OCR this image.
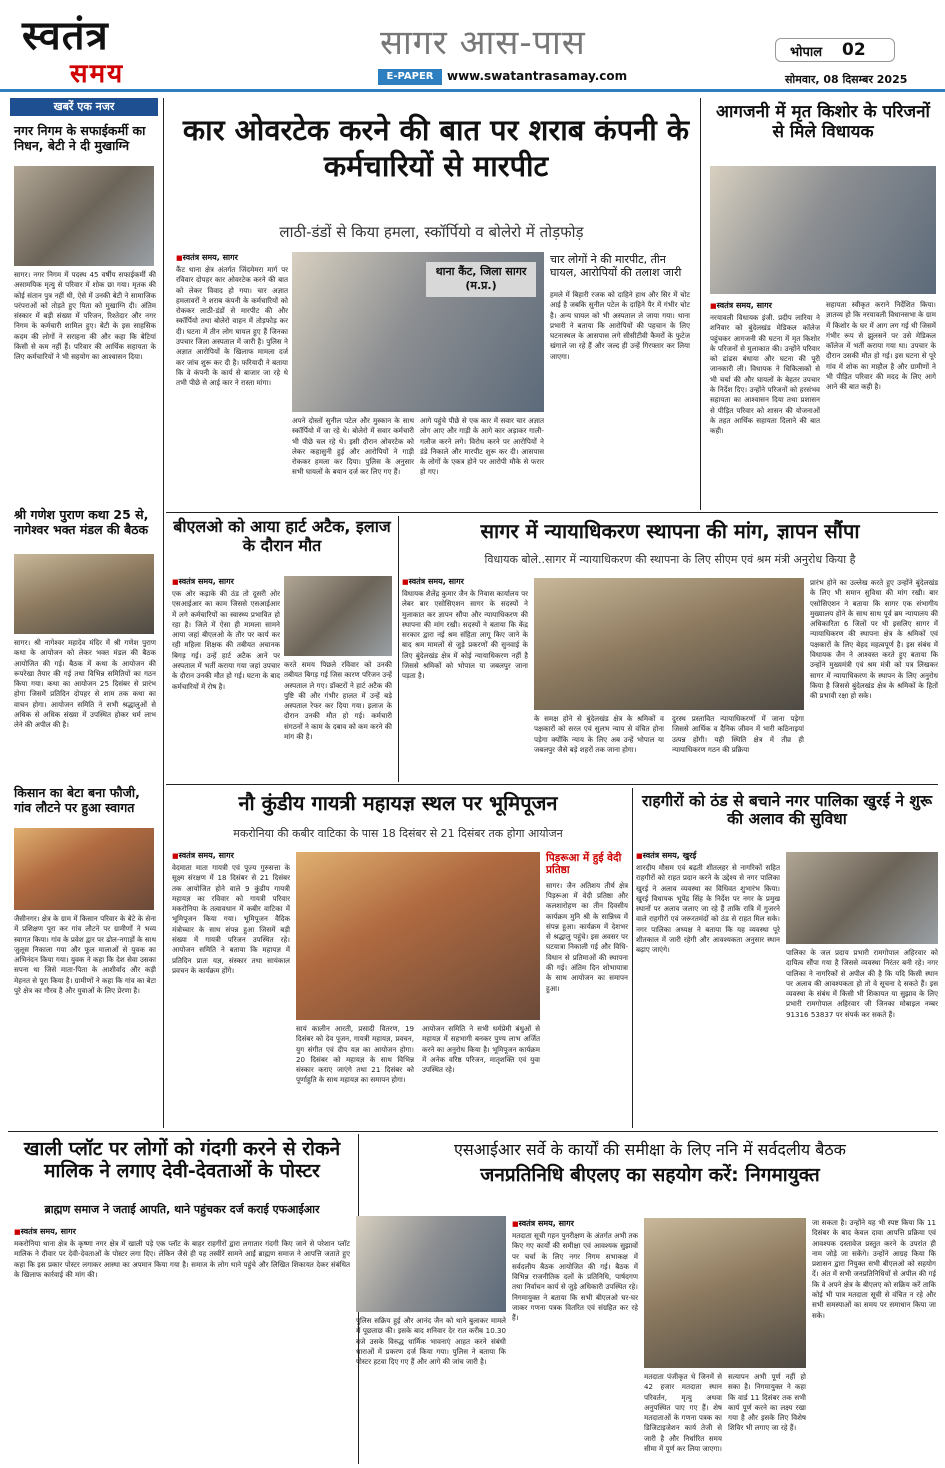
स्वतंत्र
समय
सागर आस-पास
E-PAPER	www.swatantrasamay.com
भोपाल 02
सोमवार, 08 दिसम्बर 2025
खबरें एक नजर
नगर निगम के सफाईकर्मी का निधन, बेटी ने दी मुखाग्नि
सागर। नगर निगम में पदस्थ 45 वर्षीय सफाईकर्मी की असामयिक मृत्यु से परिवार में शोक छा गया। मृतक की कोई संतान पुत्र नहीं थी, ऐसे में उनकी बेटी ने सामाजिक परंपराओं को तोड़ते हुए पिता को मुखाग्नि दी। अंतिम संस्कार में बड़ी संख्या में परिजन, रिश्तेदार और नगर निगम के कर्मचारी शामिल हुए। बेटी के इस साहसिक कदम की लोगों ने सराहना की और कहा कि बेटियां किसी से कम नहीं हैं। परिवार की आर्थिक सहायता के लिए कर्मचारियों ने भी सहयोग का आश्वासन दिया।
श्री गणेश पुराण कथा 25 से, नागेश्वर भक्त मंडल की बैठक
सागर। श्री नागेश्वर महादेव मंदिर में श्री गणेश पुराण कथा के आयोजन को लेकर भक्त मंडल की बैठक आयोजित की गई। बैठक में कथा के आयोजन की रूपरेखा तैयार की गई तथा विभिन्न समितियों का गठन किया गया। कथा का आयोजन 25 दिसंबर से प्रारंभ होगा जिसमें प्रतिदिन दोपहर से शाम तक कथा का वाचन होगा। आयोजन समिति ने सभी श्रद्धालुओं से अधिक से अधिक संख्या में उपस्थित होकर धर्म लाभ लेने की अपील की है।
किसान का बेटा बना फौजी, गांव लौटने पर हुआ स्वागत
जैसीनगर। क्षेत्र के ग्राम में किसान परिवार के बेटे के सेना में प्रशिक्षण पूरा कर गांव लौटने पर ग्रामीणों ने भव्य स्वागत किया। गांव के प्रवेश द्वार पर ढोल-नगाड़ों के साथ जुलूस निकाला गया और फूल मालाओं से युवक का अभिनंदन किया गया। युवक ने कहा कि देश सेवा उसका सपना था जिसे माता-पिता के आशीर्वाद और कड़ी मेहनत से पूरा किया है। ग्रामीणों ने कहा कि गांव का बेटा पूरे क्षेत्र का गौरव है और युवाओं के लिए प्रेरणा है।
कार ओवरटेक करने की बात पर शराब कंपनी के कर्मचारियों से मारपीट
लाठी-डंडों से किया हमला, स्कॉर्पियो व बोलेरो में तोड़फोड़
■ स्वतंत्र समय, सागर
कैंट थाना क्षेत्र अंतर्गत जिंदमेमरा मार्ग पर रविवार दोपहर कार ओवरटेक करने की बात को लेकर विवाद हो गया। चार अज्ञात हमलावरों ने शराब कंपनी के कर्मचारियों को रोककर लाठी-डंडों से मारपीट की और स्कॉर्पियो तथा बोलेरो वाहन में तोड़फोड़ कर दी। घटना में तीन लोग घायल हुए हैं जिनका उपचार जिला अस्पताल में जारी है। पुलिस ने अज्ञात आरोपियों के खिलाफ मामला दर्ज कर जांच शुरू कर दी है। फरियादी ने बताया कि वे कंपनी के कार्य से बाजार जा रहे थे तभी पीछे से आई कार ने रास्ता मांगा।
थाना कैंट, जिला सागर (म.प्र.)
अपने दोस्तों सुनील पटेल और मुस्कान के साथ स्कॉर्पियो में जा रहे थे। बोलेरो में सवार कर्मचारी भी पीछे चल रहे थे। इसी दौरान ओवरटेक को लेकर कहासुनी हुई और आरोपियों ने गाड़ी रोककर हमला कर दिया। पुलिस के अनुसार सभी घायलों के बयान दर्ज कर लिए गए हैं।
आगे पहुंचे पीछे से एक कार में सवार चार अज्ञात लोग आए और गाड़ी के आगे कार अड़ाकर गाली-गलौज करने लगे। विरोध करने पर आरोपियों ने डंडे निकाले और मारपीट शुरू कर दी। आसपास के लोगों के एकत्र होने पर आरोपी मौके से फरार हो गए।
चार लोगों ने की मारपीट, तीन घायल, आरोपियों की तलाश जारी
हमले में बिहारी रजक को दाहिने हाथ और सिर में चोट आई है जबकि सुनील पटेल के दाहिने पैर में गंभीर चोट है। अन्य घायल को भी अस्पताल ले जाया गया। थाना प्रभारी ने बताया कि आरोपियों की पहचान के लिए घटनास्थल के आसपास लगे सीसीटीवी कैमरों के फुटेज खंगाले जा रहे हैं और जल्द ही उन्हें गिरफ्तार कर लिया जाएगा।
आगजनी में मृत किशोर के परिजनों से मिले विधायक
■ स्वतंत्र समय, सागर
नरयावली विधायक इंजी. प्रदीप लारिया ने शनिवार को बुंदेलखंड मेडिकल कॉलेज पहुंचकर आगजनी की घटना में मृत किशोर के परिजनों से मुलाकात की। उन्होंने परिवार को ढांढस बंधाया और घटना की पूरी जानकारी ली। विधायक ने चिकित्सकों से भी चर्चा की और घायलों के बेहतर उपचार के निर्देश दिए। उन्होंने परिजनों को हरसंभव सहायता का आश्वासन दिया तथा प्रशासन से पीड़ित परिवार को शासन की योजनाओं के तहत आर्थिक सहायता दिलाने की बात कही।
सहायता स्वीकृत कराने निर्देशित किया। ज्ञातव्य हो कि नरयावली विधानसभा के ग्राम में किशोर के घर में आग लग गई थी जिसमें गंभीर रूप से झुलसने पर उसे मेडिकल कॉलेज में भर्ती कराया गया था। उपचार के दौरान उसकी मौत हो गई। इस घटना से पूरे गांव में शोक का माहौल है और ग्रामीणों ने भी पीड़ित परिवार की मदद के लिए आगे आने की बात कही है।
बीएलओ को आया हार्ट अटैक, इलाज के दौरान मौत
■ स्वतंत्र समय, सागर
एक ओर कड़ाके की ठंड तो दूसरी ओर एसआईआर का काम जिससे एसआईआर में लगे कर्मचारियों का स्वास्थ्य प्रभावित हो रहा है। जिले में ऐसा ही मामला सामने आया जहां बीएलओ के तौर पर कार्य कर रही महिला शिक्षक की तबीयत अचानक बिगड़ गई। उन्हें हार्ट अटैक आने पर अस्पताल में भर्ती कराया गया जहां उपचार के दौरान उनकी मौत हो गई। घटना के बाद कर्मचारियों में रोष है।
करते समय पिछले रविवार को उनकी तबीयत बिगड़ गई जिस कारण परिजन उन्हें अस्पताल ले गए। डॉक्टरों ने हार्ट अटैक की पुष्टि की और गंभीर हालत में उन्हें बड़े अस्पताल रेफर कर दिया गया। इलाज के दौरान उनकी मौत हो गई। कर्मचारी संगठनों ने काम के दबाव को कम करने की मांग की है।
सागर में न्यायाधिकरण स्थापना की मांग, ज्ञापन सौंपा
विधायक बोले..सागर में न्यायाधिकरण की स्थापना के लिए सीएम एवं श्रम मंत्री अनुरोध किया है
■ स्वतंत्र समय, सागर
विधायक शैलेंद्र कुमार जैन के निवास कार्यालय पर लेबर बार एसोसिएशन सागर के सदस्यों ने मुलाकात कर ज्ञापन सौंपा और न्यायाधिकरण की स्थापना की मांग रखी। सदस्यों ने बताया कि केंद्र सरकार द्वारा नई श्रम संहिता लागू किए जाने के बाद श्रम मामलों से जुड़े प्रकरणों की सुनवाई के लिए बुंदेलखंड क्षेत्र में कोई न्यायाधिकरण नहीं है जिससे श्रमिकों को भोपाल या जबलपुर जाना पड़ता है।
के समक्ष होने से बुंदेलखंड क्षेत्र के श्रमिकों व पक्षकारों को सरल एवं सुलभ न्याय से वंचित होना पड़ेगा क्योंकि न्याय के लिए अब उन्हें भोपाल या जबलपुर जैसे बड़े शहरों तक जाना होगा।
दुरस्थ प्रस्तावित न्यायाधिकरणों में जाना पड़ेगा जिससे आर्थिक व दैनिक जीवन में भारी कठिनाइयां उत्पन्न होंगी। यही स्थिति क्षेत्र में तीव्र ही न्यायाधिकरण गठन की प्रक्रिया
प्रारंभ होने का उल्लेख करते हुए उन्होंने बुंदेलखंड के लिए भी समान सुविधा की मांग रखी। बार एसोसिएशन ने बताया कि सागर एक संभागीय मुख्यालय होने के साथ साथ पूर्व ब्रम न्यायालय की अधिकारिता 6 जिलों पर थी इसलिए सागर में न्यायाधिकरण की स्थापना क्षेत्र के श्रमिकों एवं पक्षकारों के लिए बेहद महत्वपूर्ण है। इस संबंध में विधायक जैन ने आश्वस्त करते हुए बताया कि उन्होंने मुख्यमंत्री एवं श्रम मंत्री को पत्र लिखकर सागर में न्यायाधिकरण के स्थापन के लिए अनुरोध किया है जिससे बुंदेलखंड क्षेत्र के श्रमिकों के हितों की प्रभावी रक्षा हो सके।
नौ कुंडीय गायत्री महायज्ञ स्थल पर भूमिपूजन
मकरोनिया की कबीर वाटिका के पास 18 दिसंबर से 21 दिसंबर तक होगा आयोजन
■ स्वतंत्र समय, सागर
वेदमाता माता गायत्री एवं पूज्य गुरुसत्ता के सूक्ष्म संरक्षण में 18 दिसंबर से 21 दिसंबर तक आयोजित होने वाले 9 कुंडीय गायत्री महायज्ञ का रविवार को गायत्री परिवार मकरोनिया के तत्वावधान में कबीर वाटिका में भूमिपूजन किया गया। भूमिपूजन वैदिक मंत्रोच्चार के साथ संपन्न हुआ जिसमें बड़ी संख्या में गायत्री परिजन उपस्थित रहे। आयोजन समिति ने बताया कि महायज्ञ में प्रतिदिन प्रातः यज्ञ, संस्कार तथा सायंकाल प्रवचन के कार्यक्रम होंगे।
सायं कालीन आरती, प्रसादी वितरण, 19 दिसंबर को देव पूजन, गायत्री महायज्ञ, प्रवचन, युग संगीत एवं दीप यज्ञ का आयोजन होगा। 20 दिसंबर को महायज्ञ के साथ विभिन्न संस्कार कराए जाएंगे तथा 21 दिसंबर को पूर्णाहुति के साथ महायज्ञ का समापन होगा।
आयोजन समिति ने सभी धर्मप्रेमी बंधुओं से महायज्ञ में सहभागी बनकर पुण्य लाभ अर्जित करने का अनुरोध किया है। भूमिपूजन कार्यक्रम में अनेक वरिष्ठ परिजन, मातृशक्ति एवं युवा उपस्थित रहे।
पिड़रूआ में हुई वेदी प्रतिष्ठा
सागर। जैन अतिशय तीर्थ क्षेत्र पिड़रूआ में वेदी प्रतिष्ठा और कलशारोहण का तीन दिवसीय कार्यक्रम मुनि श्री के सान्निध्य में संपन्न हुआ। कार्यक्रम में देशभर से श्रद्धालु पहुंचे। इस अवसर पर घटयात्रा निकाली गई और विधि-विधान से प्रतिमाओं की स्थापना की गई। अंतिम दिन शोभायात्रा के साथ आयोजन का समापन हुआ।
राहगीरों को ठंड से बचाने नगर पालिका खुरई ने शुरू की अलाव की सुविधा
■ स्वतंत्र समय, खुरई
शारदीय मौसम एवं बढ़ती शीतलहर से नागरिकों सहित राहगीरों को राहत प्रदान करने के उद्देश्य से नगर पालिका खुरई ने अलाव व्यवस्था का विधिवत शुभारंभ किया। खुरई विधायक भूपेंद्र सिंह के निर्देश पर नगर के प्रमुख स्थानों पर अलाव जलाए जा रहे हैं ताकि रात्रि में गुजरने वाले राहगीरों एवं जरूरतमंदों को ठंड से राहत मिल सके। नगर पालिका अध्यक्ष ने बताया कि यह व्यवस्था पूरे शीतकाल में जारी रहेगी और आवश्यकता अनुसार स्थान बढ़ाए जाएंगे।	पालिका के जल प्रदाय प्रभारी रामगोपाल अहिरवार को दायित्व सौंपा गया है जिससे व्यवस्था निरंतर बनी रहे। नगर पालिका ने नागरिकों से अपील की है कि यदि किसी स्थान पर अलाव की आवश्यकता हो तो वे सूचना दे सकते हैं। इस व्यवस्था के संबंध में किसी भी शिकायत या सुझाव के लिए प्रभारी रामगोपाल अहिरवार जी जिनका मोबाइल नम्बर 91316 53837 पर संपर्क कर सकते हैं।
खाली प्लॉट पर लोगों को गंदगी करने से रोकने मालिक ने लगाए देवी-देवताओं के पोस्टर
ब्राह्मण समाज ने जताई आपति, थाने पहुंचकर दर्ज कराई एफआईआर
■ स्वतंत्र समय, सागर
मकरोनिया थाना क्षेत्र के कृष्णा नगर क्षेत्र में खाली पड़े एक प्लॉट के बाहर राहगीरों द्वारा लगातार गंदगी किए जाने से परेशान प्लॉट मालिक ने दीवार पर देवी-देवताओं के पोस्टर लगा दिए। लेकिन जैसे ही यह तस्वीरें सामने आईं ब्राह्मण समाज ने आपत्ति जताते हुए कहा कि इस प्रकार पोस्टर लगाकर आस्था का अपमान किया गया है। समाज के लोग थाने पहुंचे और लिखित शिकायत देकर संबंधित के खिलाफ कार्रवाई की मांग की।
एसआईआर सर्वे के कार्यों की समीक्षा के लिए ननि में सर्वदलीय बैठक
जनप्रतिनिधि बीएलए का सहयोग करें: निगमायुक्त
पुलिस सक्रिय हुई और आनंद जैन को थाने बुलाकर मामले में पूछताछ की। इसके बाद शनिवार देर रात करीब 10.30 बजे उसके विरुद्ध धार्मिक भावनाएं आहत करने संबंधी धाराओं में प्रकरण दर्ज किया गया। पुलिस ने बताया कि पोस्टर हटवा दिए गए हैं और आगे की जांच जारी है।
■ स्वतंत्र समय, सागर
मतदाता सूची गहन पुनरीक्षण के अंतर्गत अभी तक किए गए कार्यों की समीक्षा एवं आवश्यक सुझावों पर चर्चा के लिए नगर निगम सभाकक्ष में सर्वदलीय बैठक आयोजित की गई। बैठक में विभिन्न राजनीतिक दलों के प्रतिनिधि, पार्षदगण तथा निर्वाचन कार्य से जुड़े अधिकारी उपस्थित रहे। निगमायुक्त ने बताया कि सभी बीएलओ घर-घर जाकर गणना पत्रक वितरित एवं संग्रहित कर रहे हैं।
मतदाता पंजीकृत थे जिनमें से 42 हजार मतदाता स्थान परिवर्तन, मृत्यु अथवा अनुपस्थित पाए गए हैं। शेष मतदाताओं के गणना पत्रक का डिजिटाइजेशन कार्य तेजी से जारी है और निर्धारित समय सीमा में पूर्ण कर लिया जाएगा।
सत्यापन अभी पूर्ण नहीं हो सका है। निगमायुक्त ने कहा कि वार्ड 11 दिसंबर तक सभी कार्य पूर्ण करने का लक्ष्य रखा गया है और इसके लिए विशेष शिविर भी लगाए जा रहे हैं।
जा सकता है। उन्होंने यह भी स्पष्ट किया कि 11 दिसंबर के बाद केवल दावा आपत्ति प्रक्रिया एवं आवश्यक दस्तावेज प्रस्तुत करने के उपरांत ही नाम जोड़े जा सकेंगे। उन्होंने आग्रह किया कि प्रशासन द्वारा नियुक्त सभी बीएलओ को सहयोग दें। अंत में सभी जनप्रतिनिधियों से अपील की गई कि वे अपने क्षेत्र के बीएलए को सक्रिय करें ताकि कोई भी पात्र मतदाता सूची से वंचित न रहे और सभी समस्याओं का समय पर समाधान किया जा सके।
